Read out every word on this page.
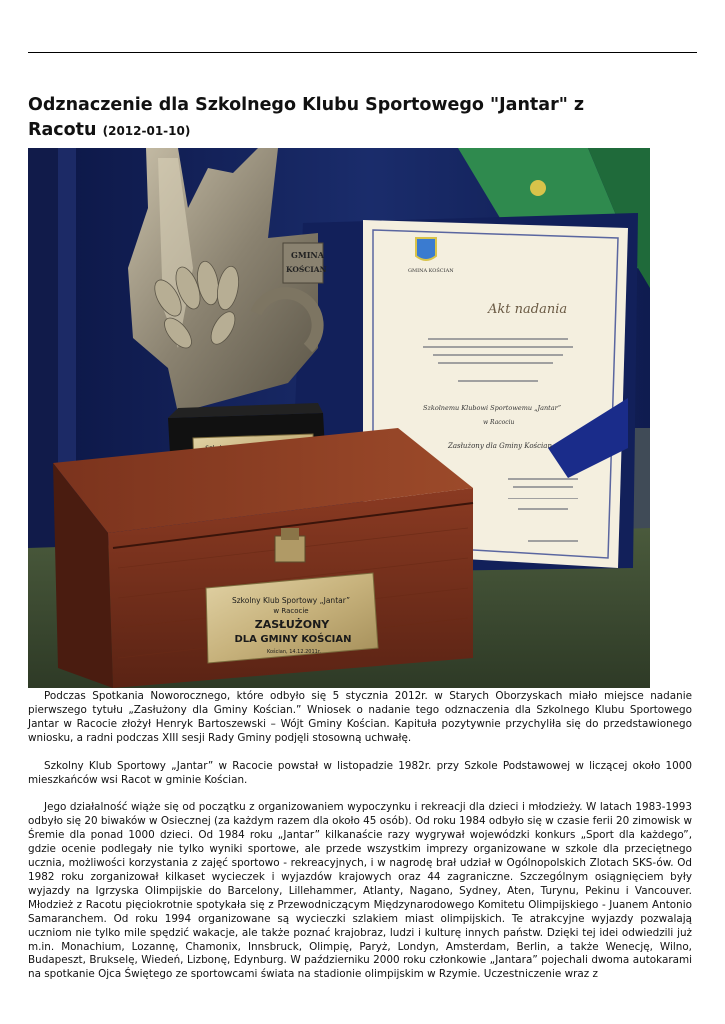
Odznaczenie dla Szkolnego Klubu Sportowego "Jantar" z Racotu (2012-01-10)
GMINA KOŚCIAN
Akt nadania
Szkolnemu Klubowi Sportowemu „Jantar”
w Racociu
Zasłużony dla Gminy Kościan
GMINA
KOŚCIAN
Szkolny Klub Sportowy „Jantar”
w Racocie
ZASŁUŻONY
DLA GMINY KOŚCIAN
Kościan, 14.12.2011r.

Podczas Spotkania Noworocznego, które odbyło się 5 stycznia 2012r. w Starych Oborzyskach miało miejsce nadanie pierwszego tytułu „Zasłużony dla Gminy Kościan.” Wniosek o nadanie tego odznaczenia dla Szkolnego Klubu Sportowego Jantar w Racocie złożył Henryk Bartoszewski – Wójt Gminy Kościan. Kapituła pozytywnie przychyliła się do przedstawionego wniosku, a radni podczas XIII sesji Rady Gminy podjęli stosowną uchwałę.

Szkolny Klub Sportowy „Jantar” w Racocie powstał w listopadzie 1982r. przy Szkole Podstawowej w liczącej około 1000 mieszkańców wsi Racot w gminie Kościan.

Jego działalność wiąże się od początku z organizowaniem wypoczynku i rekreacji dla dzieci i młodzieży. W latach 1983-1993 odbyło się 20 biwaków w Osiecznej (za każdym razem dla około 45 osób). Od roku 1984 odbyło się w czasie ferii 20 zimowisk w Śremie dla ponad 1000 dzieci. Od 1984 roku „Jantar” kilkanaście razy wygrywał wojewódzki konkurs „Sport dla każdego”, gdzie ocenie podlegały nie tylko wyniki sportowe, ale przede wszystkim imprezy organizowane w szkole dla przeciętnego ucznia, możliwości korzystania z zajęć sportowo - rekreacyjnych, i w nagrodę brał udział w Ogólnopolskich Zlotach SKS-ów. Od 1982 roku zorganizował kilkaset wycieczek i wyjazdów krajowych oraz 44 zagraniczne. Szczególnym osiągnięciem były wyjazdy na Igrzyska Olimpijskie do Barcelony, Lillehammer, Atlanty, Nagano, Sydney, Aten, Turynu, Pekinu i Vancouver. Młodzież z Racotu pięciokrotnie spotykała się z Przewodniczącym Międzynarodowego Komitetu Olimpijskiego - Juanem Antonio Samaranchem. Od roku 1994 organizowane są wycieczki szlakiem miast olimpijskich. Te atrakcyjne wyjazdy pozwalają uczniom nie tylko mile spędzić wakacje, ale także poznać krajobraz, ludzi i kulturę innych państw. Dzięki tej idei odwiedzili już m.in. Monachium, Lozannę, Chamonix, Innsbruck, Olimpię, Paryż, Londyn, Amsterdam, Berlin, a także Wenecję, Wilno, Budapeszt, Brukselę, Wiedeń, Lizbonę, Edynburg. W październiku 2000 roku członkowie „Jantara” pojechali dwoma autokarami na spotkanie Ojca Świętego ze sportowcami świata na stadionie olimpijskim w Rzymie. Uczestniczenie wraz z
